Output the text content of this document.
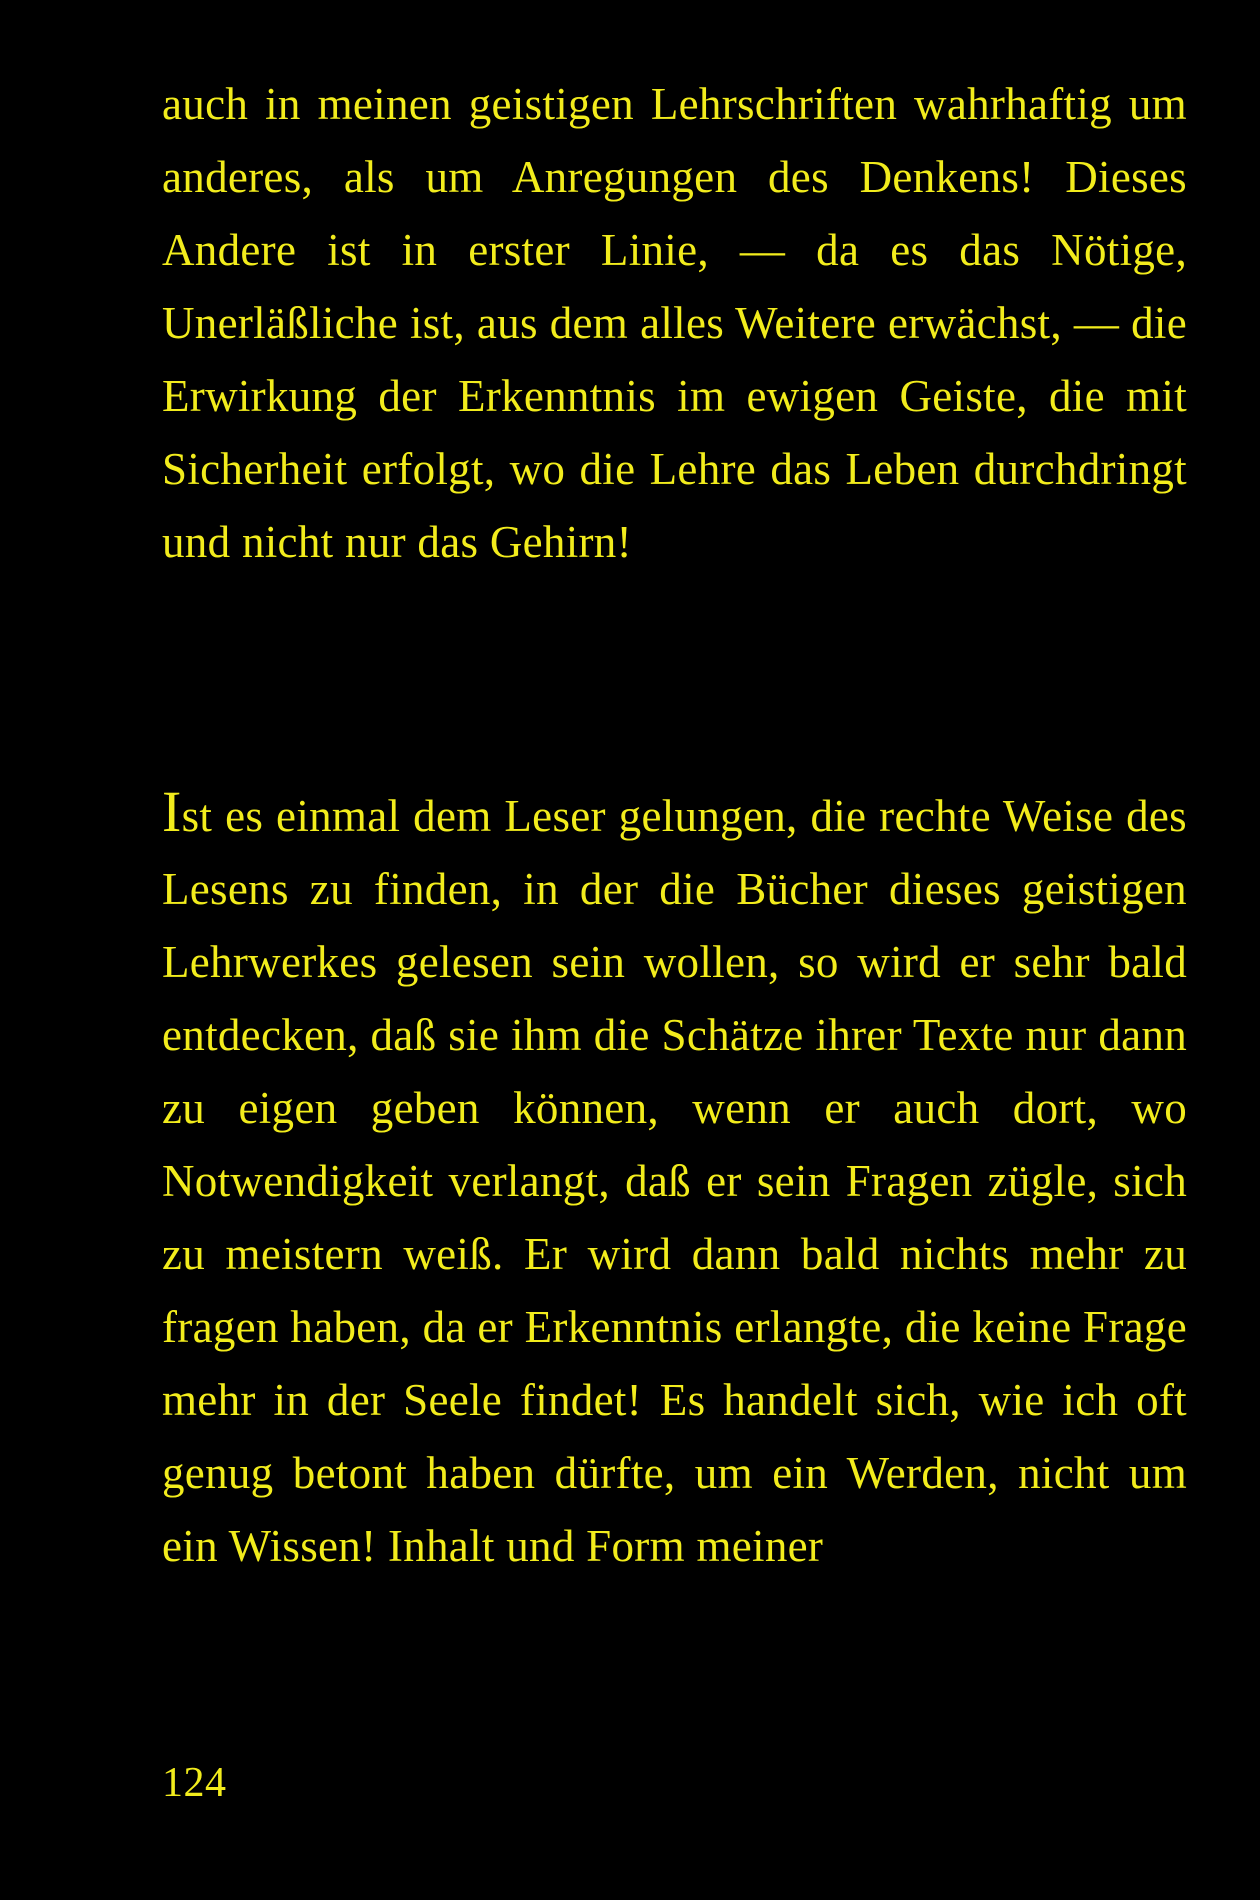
auch in meinen geistigen Lehrschriften wahrhaftig um anderes, als um Anregungen des Denkens! Dieses Andere ist in erster Linie, — da es das Nötige, Unerläßliche ist, aus dem alles Weitere erwächst, — die Erwirkung der Erkenntnis im ewigen Geiste, die mit Sicherheit erfolgt, wo die Lehre das Leben durchdringt und nicht nur das Gehirn!

Ist es einmal dem Leser gelungen, die rechte Weise des Lesens zu finden, in der die Bücher dieses geistigen Lehrwerkes gelesen sein wollen, so wird er sehr bald entdecken, daß sie ihm die Schätze ihrer Texte nur dann zu eigen geben können, wenn er auch dort, wo Notwendigkeit verlangt, daß er sein Fragen zügle, sich zu meistern weiß. Er wird dann bald nichts mehr zu fragen haben, da er Erkenntnis erlangte, die keine Frage mehr in der Seele findet! Es handelt sich, wie ich oft genug betont haben dürfte, um ein Werden, nicht um ein Wissen! Inhalt und Form meiner

124
